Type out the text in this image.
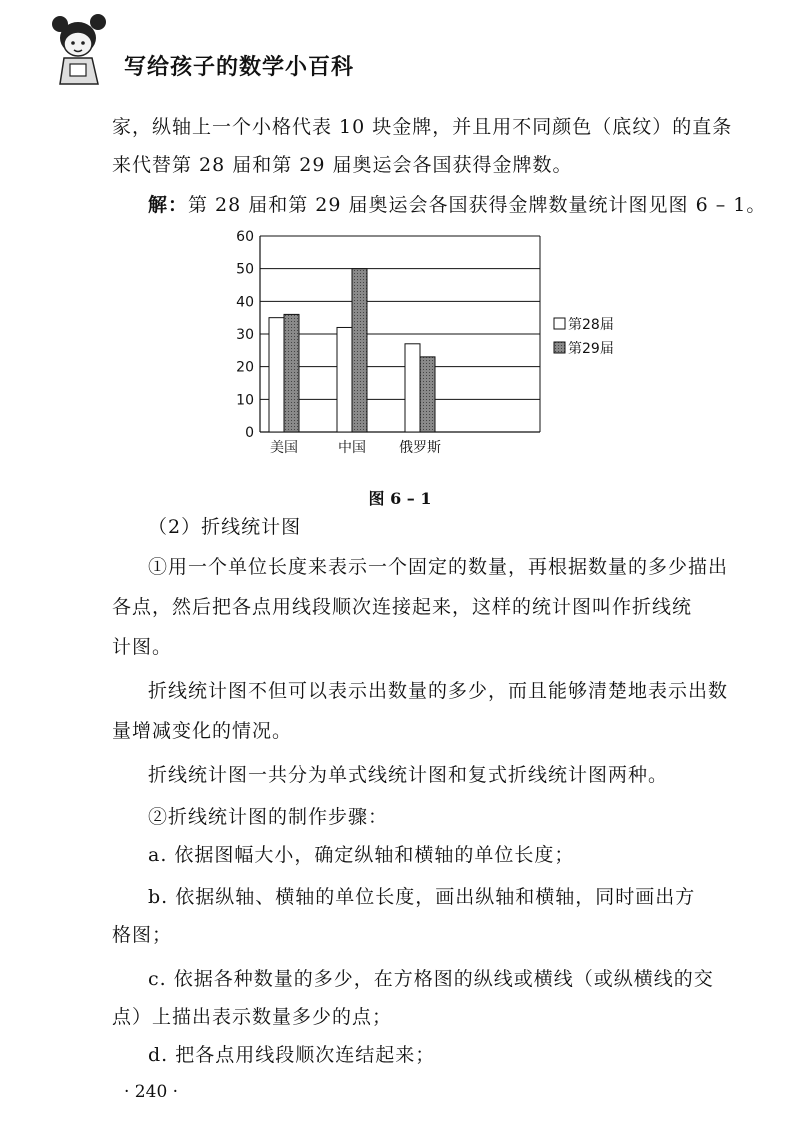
写给孩子的数学小百科

家，纵轴上一个小格代表 10 块金牌，并且用不同颜色（底纹）的直条

来代替第 28 届和第 29 届奥运会各国获得金牌数。

解：第 28 届和第 29 届奥运会各国获得金牌数量统计图见图 6 – 1。

0
10
20
30
40
50
60
美国	中国 俄罗斯
第28届
第29届
图 6 – 1

（2）折线统计图

①用一个单位长度来表示一个固定的数量，再根据数量的多少描出

各点，然后把各点用线段顺次连接起来，这样的统计图叫作折线统

计图。

折线统计图不但可以表示出数量的多少，而且能够清楚地表示出数

量增减变化的情况。

折线统计图一共分为单式线统计图和复式折线统计图两种。

②折线统计图的制作步骤：

a. 依据图幅大小，确定纵轴和横轴的单位长度；

b. 依据纵轴、横轴的单位长度，画出纵轴和横轴，同时画出方

格图；

c. 依据各种数量的多少，在方格图的纵线或横线（或纵横线的交

点）上描出表示数量多少的点；

d. 把各点用线段顺次连结起来；

· 240 ·
